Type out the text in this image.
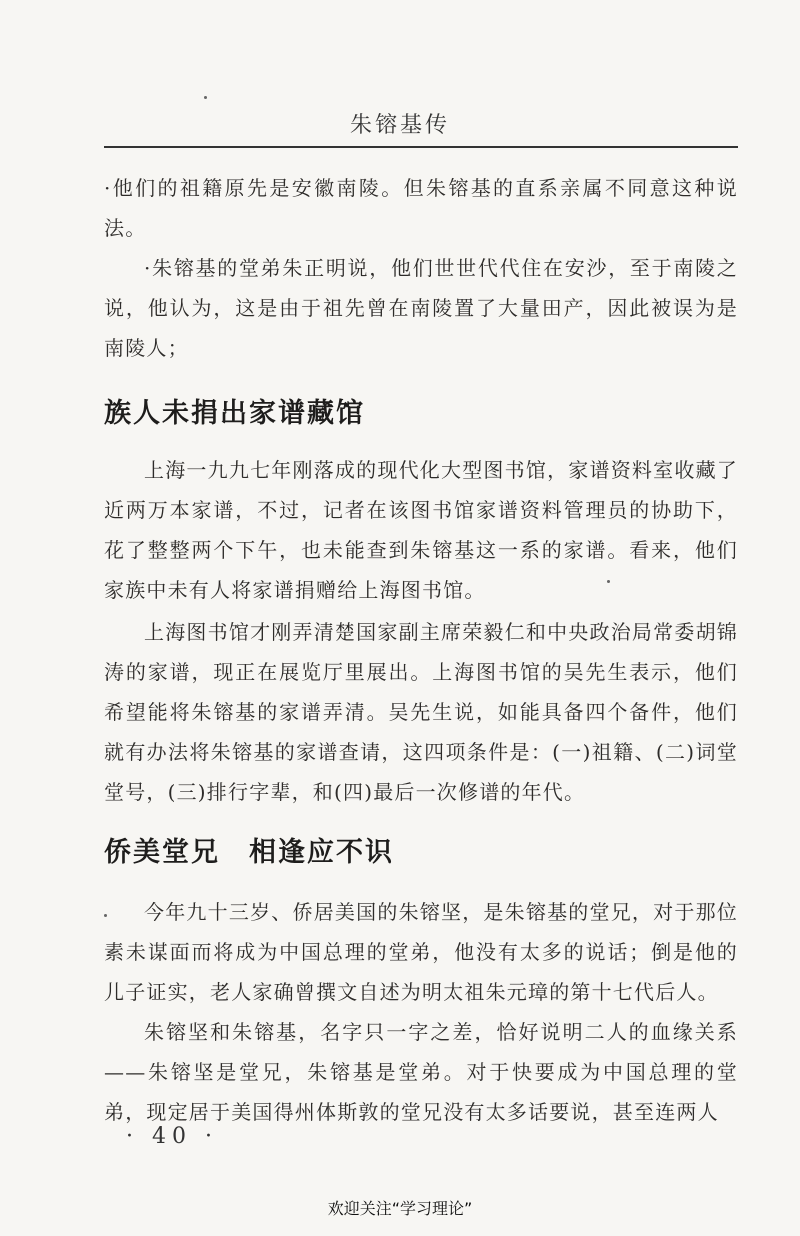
朱镕基传

·他们的祖籍原先是安徽南陵。但朱镕基的直系亲属不同意这种说法。

·朱镕基的堂弟朱正明说，他们世世代代住在安沙，至于南陵之说，他认为，这是由于祖先曾在南陵置了大量田产，因此被误为是南陵人；

族人未捐出家谱藏馆

上海一九九七年刚落成的现代化大型图书馆，家谱资料室收藏了近两万本家谱，不过，记者在该图书馆家谱资料管理员的协助下，花了整整两个下午，也未能查到朱镕基这一系的家谱。看来，他们家族中未有人将家谱捐赠给上海图书馆。

上海图书馆才刚弄清楚国家副主席荣毅仁和中央政治局常委胡锦涛的家谱，现正在展览厅里展出。上海图书馆的吴先生表示，他们希望能将朱镕基的家谱弄清。吴先生说，如能具备四个备件，他们就有办法将朱镕基的家谱查请，这四项条件是：(一)祖籍、(二)词堂堂号，(三)排行字辈，和(四)最后一次修谱的年代。

侨美堂兄　相逢应不识

今年九十三岁、侨居美国的朱镕坚，是朱镕基的堂兄，对于那位素未谋面而将成为中国总理的堂弟，他没有太多的说话；倒是他的儿子证实，老人家确曾撰文自述为明太祖朱元璋的第十七代后人。

朱镕坚和朱镕基，名字只一字之差，恰好说明二人的血缘关系——朱镕坚是堂兄，朱镕基是堂弟。对于快要成为中国总理的堂弟，现定居于美国得州体斯敦的堂兄没有太多话要说，甚至连两人

· 40 ·
欢迎关注“学习理论”
